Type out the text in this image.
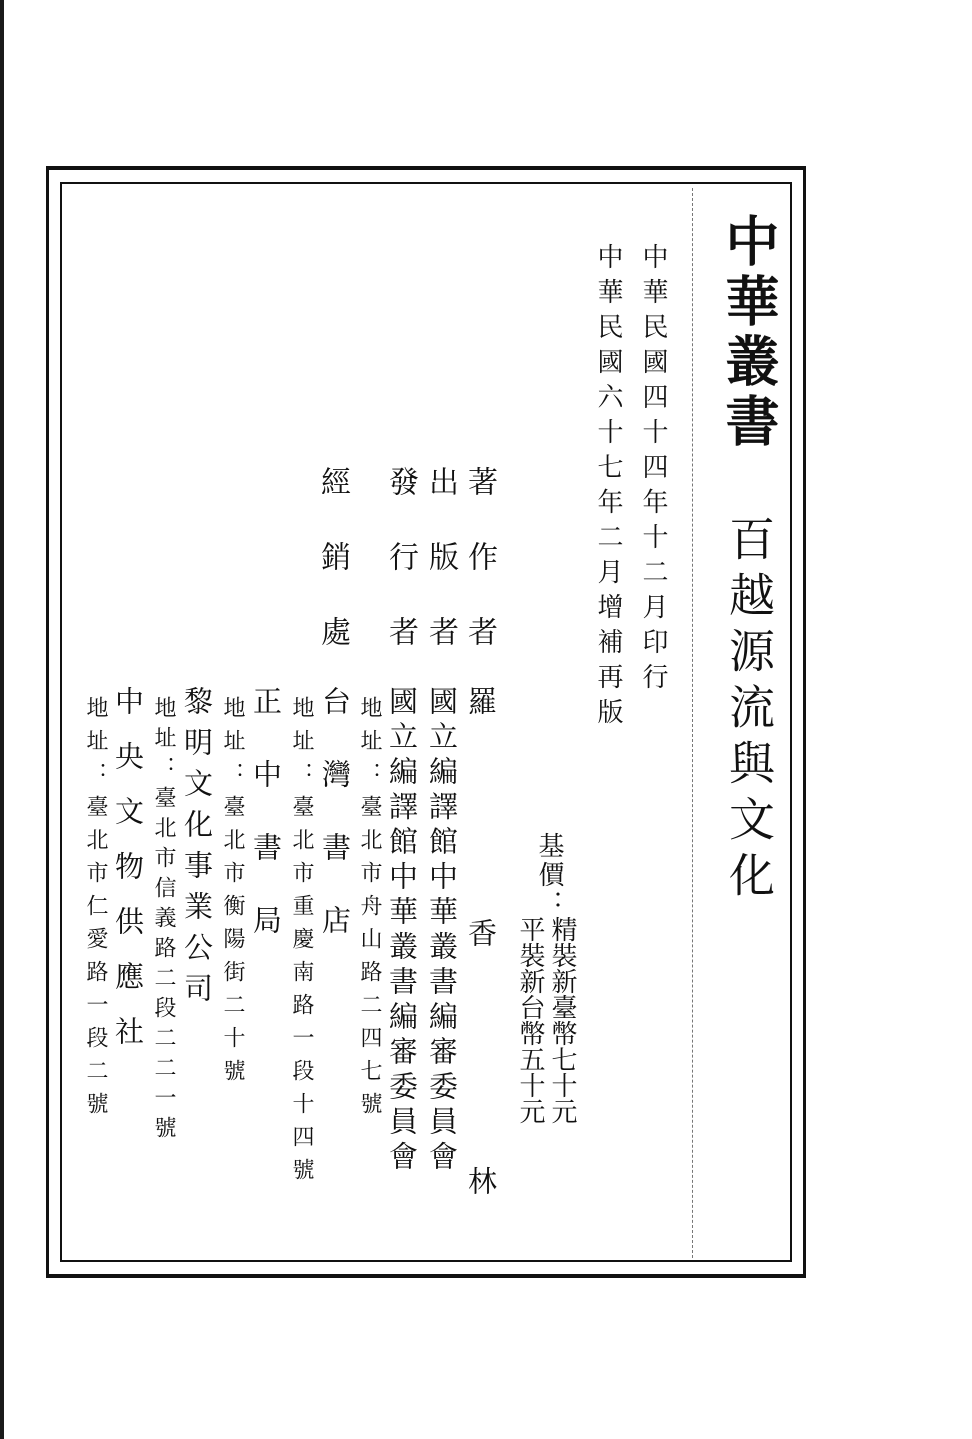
中華叢書
百越源流與文化
中華民國四十四年十二月印行
中華民國六十七年二月增補再版
基價：
精裝新臺幣七十元
平裝新台幣五十元
著作者
羅
香
林
出版者
國立編譯館中華叢書編審委員會
發行者
國立編譯館中華叢書編審委員會
地址：臺北市舟山路二四七號
經銷處
台灣書店
地址：臺北市重慶南路一段十四號
正中書局
地址：臺北市衡陽街二十號
黎明文化事業公司
地址：臺北市信義路二段二二一號
中央文物供應社
地址：臺北市仁愛路一段二號
